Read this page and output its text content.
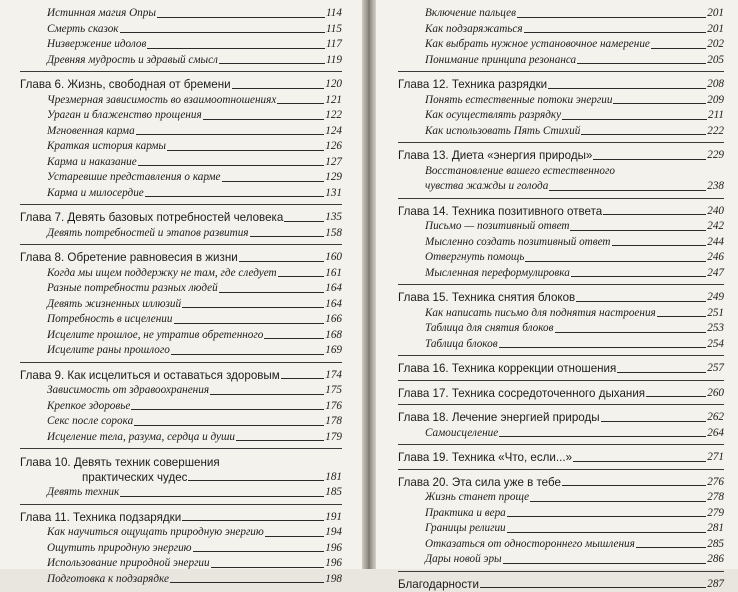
Истинная магия Опры	114
Смерть сказок	115
Низвержение идолов	117
Древняя мудрость и здравый смысл	119
Глава 6. Жизнь, свободная от бремени	120
Чрезмерная зависимость во взаимоотношениях	121
Ураган и блаженство прощения	122
Мгновенная карма	124
Краткая история кармы	126
Карма и наказание	127
Устаревшие представления о карме	129
Карма и милосердие	131
Глава 7. Девять базовых потребностей человека	135
Девять потребностей и этапов развития	158
Глава 8. Обретение равновесия в жизни	160
Когда мы ищем поддержку не там, где следует	161
Разные потребности разных людей	164
Девять жизненных иллюзий	164
Потребность в исцелении	166
Исцелите прошлое, не утратив обретенного	168
Исцелите раны прошлого	169
Глава 9. Как исцелиться и оставаться здоровым	174
Зависимость от здравоохранения	175
Крепкое здоровье	176
Секс после сорока	178
Исцеление тела, разума, сердца и души	179
Глава 10. Девять техник совершения
практических чудес	181
Девять техник	185
Глава 11. Техника подзарядки	191
Как научиться ощущать природную энергию	194
Ощутить природную энергию	196
Использование природной энергии	196
Подготовка к подзарядке	198
Включение пальцев	201
Как подзаряжаться	201
Как выбрать нужное установочное намерение	202
Понимание принципа резонанса	205
Глава 12. Техника разрядки	208
Понять естественные потоки энергии	209
Как осуществлять разрядку	211
Как использовать Пять Стихий	222
Глава 13. Диета «энергия природы»	229
Восстановление вашего естественного
чувства жажды и голода	238
Глава 14. Техника позитивного ответа	240
Письмо — позитивный ответ	242
Мысленно создать позитивный ответ	244
Отвергнуть помощь	246
Мысленная переформулировка	247
Глава 15. Техника снятия блоков	249
Как написать письмо для поднятия настроения	251
Таблица для снятия блоков	253
Таблица блоков	254
Глава 16. Техника коррекции отношения	257
Глава 17. Техника сосредоточенного дыхания	260
Глава 18. Лечение энергией природы	262
Самоисцеление	264
Глава 19. Техника «Что, если...»	271
Глава 20. Эта сила уже в тебе	276
Жизнь станет проще	278
Практика и вера	279
Границы религии	281
Отказаться от одностороннего мышления	285
Дары новой эры	286
Благодарности	287
